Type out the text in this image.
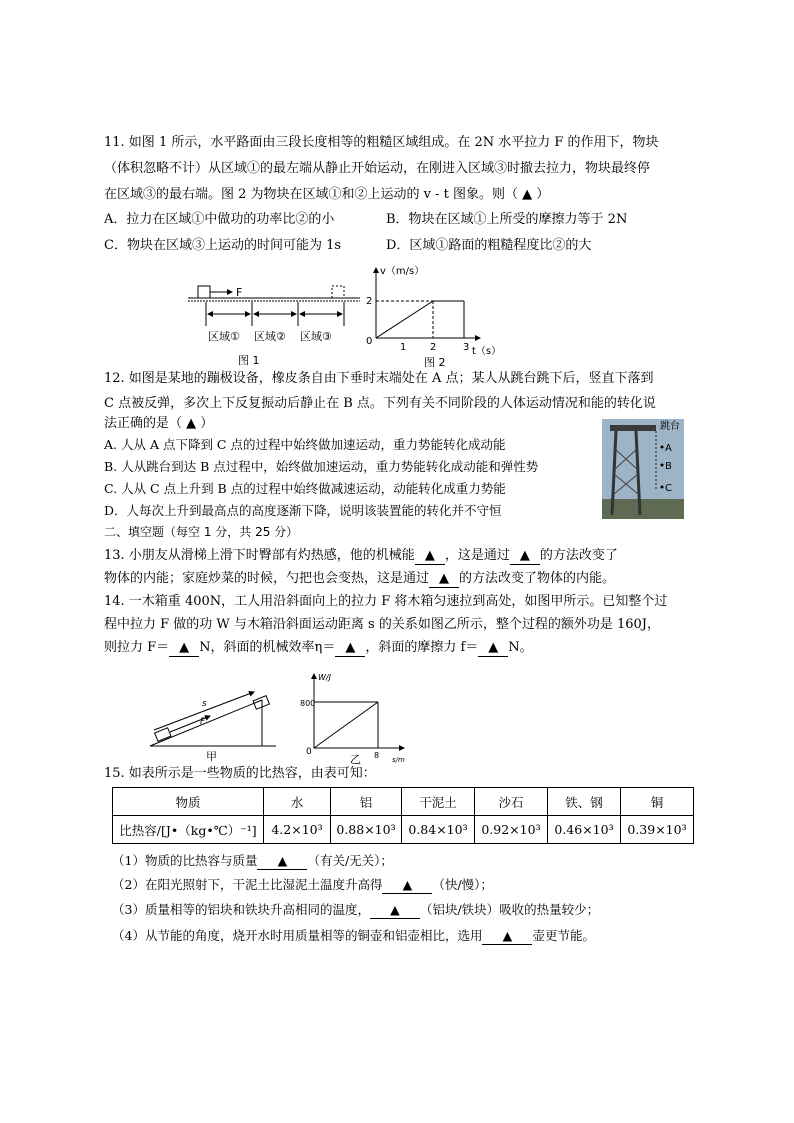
11. 如图 1 所示，水平路面由三段长度相等的粗糙区域组成。在 2N 水平拉力 F 的作用下，物块
（体积忽略不计）从区域①的最左端从静止开始运动，在刚进入区域③时撤去拉力，物块最终停
在区域③的最右端。图 2 为物块在区域①和②上运动的 v - t 图象。则（ ▲ ）
A．拉力在区域①中做功的功率比②的小	B．物块在区域①上所受的摩擦力等于 2N
C．物块在区域③上运动的时间可能为 1s	D．区域①路面的粗糙程度比②的大
F
区域① 区域② 区域③
图 1
v（m/s）
t（s）
2
0
1 2	3
图 2
12. 如图是某地的蹦极设备，橡皮条自由下垂时末端处在 A 点；某人从跳台跳下后，竖直下落到
C 点被反弹，多次上下反复振动后静止在 B 点。下列有关不同阶段的人体运动情况和能的转化说
法正确的是（ ▲ ）
A. 人从 A 点下降到 C 点的过程中始终做加速运动，重力势能转化成动能
B. 人从跳台到达 B 点过程中，始终做加速运动，重力势能转化成动能和弹性势
C. 人从 C 点上升到 B 点的过程中始终做减速运动，动能转化成重力势能
D．人每次上升到最高点的高度逐渐下降，说明该装置能的转化并不守恒
跳台
A
B
C
二、填空题（每空 1 分，共 25 分）
13. 小朋友从滑梯上滑下时臀部有灼热感，他的机械能 ▲ ，这是通过 ▲ 的方法改变了
物体的内能；家庭炒菜的时候，勺把也会变热，这是通过 ▲ 的方法改变了物体的内能。
14. 一木箱重 400N，工人用沿斜面向上的拉力 F 将木箱匀速拉到高处，如图甲所示。已知整个过
程中拉力 F 做的功 W 与木箱沿斜面运动距离 s 的关系如图乙所示，整个过程的额外功是 160J，
则拉力 F＝ ▲ N，斜面的机械效率η＝ ▲ ，斜面的摩擦力 f＝ ▲ N。
s
F
甲
W/J
800
0	8 s/m
乙
15. 如表所示是一些物质的比热容，由表可知：
物质	水	铝	干泥土	沙石	铁、钢	铜
比热容/[J•（kg•℃）⁻¹]	4.2×10³	0.88×10³	0.84×10³	0.92×10³	0.46×10³	0.39×10³
（1）物质的比热容与质量 ▲ （有关/无关）；
（2）在阳光照射下，干泥土比湿泥土温度升高得 ▲ （快/慢）；
（3）质量相等的铝块和铁块升高相同的温度， ▲ （铝块/铁块）吸收的热量较少；
（4）从节能的角度，烧开水时用质量相等的铜壶和铝壶相比，选用 ▲ 壶更节能。
